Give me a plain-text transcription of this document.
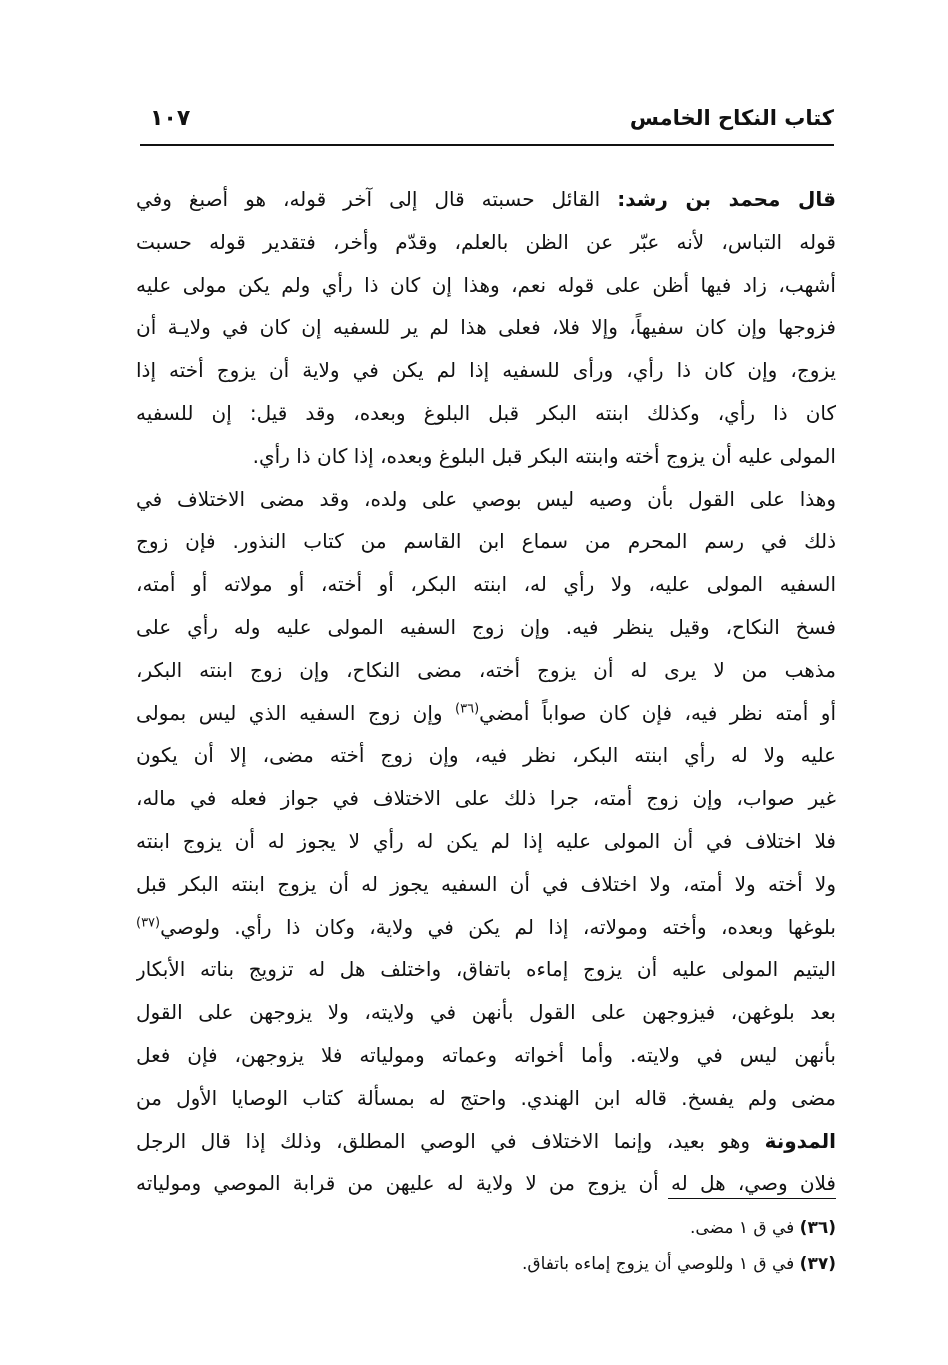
كتاب النكاح الخامس
١٠٧
قال محمد بن رشد: القائل حسبته قال إلى آخر قوله، هو أصبغ وفي
قوله التباس، لأنه عبّر عن الظن بالعلم، وقدّم وأخر، فتقدير قوله حسبت
أشهب، زاد فيها أظن على قوله نعم، وهذا إن كان ذا رأي ولم يكن مولى عليه
فزوجها وإن كان سفيهاً، وإلا فلا، فعلى هذا لم ير للسفيه إن كان في ولايـة أن
يزوج، وإن كان ذا رأي، ورأى للسفيه إذا لم يكن في ولاية أن يزوج أخته إذا
كان ذا رأي، وكذلك ابنته البكر قبل البلوغ وبعده، وقد قيل: إن للسفيه
المولى عليه أن يزوج أخته وابنته البكر قبل البلوغ وبعده، إذا كان ذا رأي.
وهذا على القول بأن وصيه ليس بوصي على ولده، وقد مضى الاختلاف في
ذلك في رسم المحرم من سماع ابن القاسم من كتاب النذور. فإن زوج
السفيه المولى عليه، ولا رأي له، ابنته البكر، أو أخته، أو مولاته أو أمته،
فسخ النكاح، وقيل ينظر فيه. وإن زوج السفيه المولى عليه وله رأي على
مذهب من لا يرى له أن يزوج أخته، مضى النكاح، وإن زوج ابنته البكر،
أو أمته نظر فيه، فإن كان صواباً أمضي$^{(٣٦)}$ وإن زوج السفيه الذي ليس بمولى
عليه ولا له رأي ابنته البكر، نظر فيه، وإن زوج أخته مضى، إلا أن يكون
غير صواب، وإن زوج أمته، جرا ذلك على الاختلاف في جواز فعله في ماله،
فلا اختلاف في أن المولى عليه إذا لم يكن له رأي لا يجوز له أن يزوج ابنته
ولا أخته ولا أمته، ولا اختلاف في أن السفيه يجوز له أن يزوج ابنته البكر قبل
بلوغها وبعده، وأخته ومولاته، إذا لم يكن في ولاية، وكان ذا رأي. ولوصي$^{(٣٧)}$
اليتيم المولى عليه أن يزوج إماءه باتفاق، واختلف هل له تزويج بناته الأبكار
بعد بلوغهن، فيزوجهن على القول بأنهن في ولايته، ولا يزوجهن على القول
بأنهن ليس في ولايته. وأما أخواته وعماته ومولياته فلا يزوجهن، فإن فعل
مضى ولم يفسخ. قاله ابن الهندي. واحتج له بمسألة كتاب الوصايا الأول من
المدونة وهو بعيد، وإنما الاختلاف في الوصي المطلق، وذلك إذا قال الرجل
فلان وصي، هل له أن يزوج من لا ولاية له عليهن من قرابة الموصي ومولياته
(٣٦) في ق ١ مضى.
(٣٧) في ق ١ وللوصي أن يزوج إماءه باتفاق.
